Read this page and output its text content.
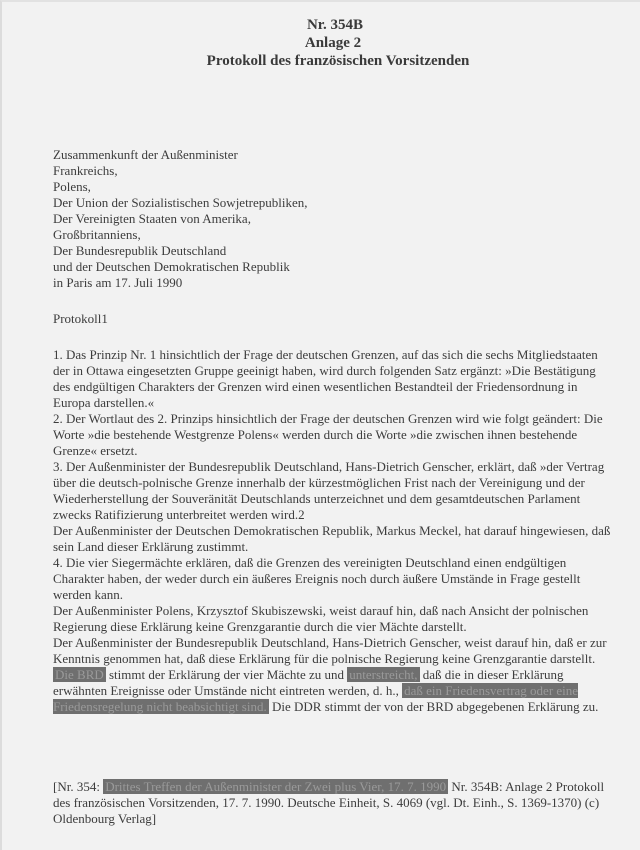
Nr. 354B
Anlage 2
Protokoll des französischen Vorsitzenden
Zusammenkunft der Außenminister
Frankreichs,
Polens,
Der Union der Sozialistischen Sowjetrepubliken,
Der Vereinigten Staaten von Amerika,
Großbritanniens,
Der Bundesrepublik Deutschland
und der Deutschen Demokratischen Republik
in Paris am 17. Juli 1990
Protokoll1

1. Das Prinzip Nr. 1 hinsichtlich der Frage der deutschen Grenzen, auf das sich die sechs Mitgliedstaaten der in Ottawa eingesetzten Gruppe geeinigt haben, wird durch folgenden Satz ergänzt: »Die Bestätigung des endgültigen Charakters der Grenzen wird einen wesentlichen Bestandteil der Friedensordnung in Europa darstellen.«

2. Der Wortlaut des 2. Prinzips hinsichtlich der Frage der deutschen Grenzen wird wie folgt geändert: Die Worte »die bestehende Westgrenze Polens« werden durch die Worte »die zwischen ihnen bestehende Grenze« ersetzt.

3. Der Außenminister der Bundesrepublik Deutschland, Hans-Dietrich Genscher, erklärt, daß »der Vertrag über die deutsch-polnische Grenze innerhalb der kürzestmöglichen Frist nach der Vereinigung und der Wiederherstellung der Souveränität Deutschlands unterzeichnet und dem gesamtdeutschen Parlament zwecks Ratifizierung unterbreitet werden wird.2

Der Außenminister der Deutschen Demokratischen Republik, Markus Meckel, hat darauf hingewiesen, daß sein Land dieser Erklärung zustimmt.

4. Die vier Siegermächte erklären, daß die Grenzen des vereinigten Deutschland einen endgültigen Charakter haben, der weder durch ein äußeres Ereignis noch durch äußere Umstände in Frage gestellt werden kann.

Der Außenminister Polens, Krzysztof Skubiszewski, weist darauf hin, daß nach Ansicht der polnischen Regierung diese Erklärung keine Grenzgarantie durch die vier Mächte darstellt.

Der Außenminister der Bundesrepublik Deutschland, Hans-Dietrich Genscher, weist darauf hin, daß er zur Kenntnis genommen hat, daß diese Erklärung für die polnische Regierung keine Grenzgarantie darstellt. Die BRD stimmt der Erklärung der vier Mächte zu und unterstreicht, daß die in dieser Erklärung erwähnten Ereignisse oder Umstände nicht eintreten werden, d. h., daß ein Friedensvertrag oder eine Friedensregelung nicht beabsichtigt sind. Die DDR stimmt der von der BRD abgegebenen Erklärung zu.

[Nr. 354: Drittes Treffen der Außenminister der Zwei plus Vier, 17. 7. 1990 Nr. 354B: Anlage 2 Protokoll des französischen Vorsitzenden, 17. 7. 1990. Deutsche Einheit, S. 4069 (vgl. Dt. Einh., S. 1369-1370) (c) Oldenbourg Verlag]
